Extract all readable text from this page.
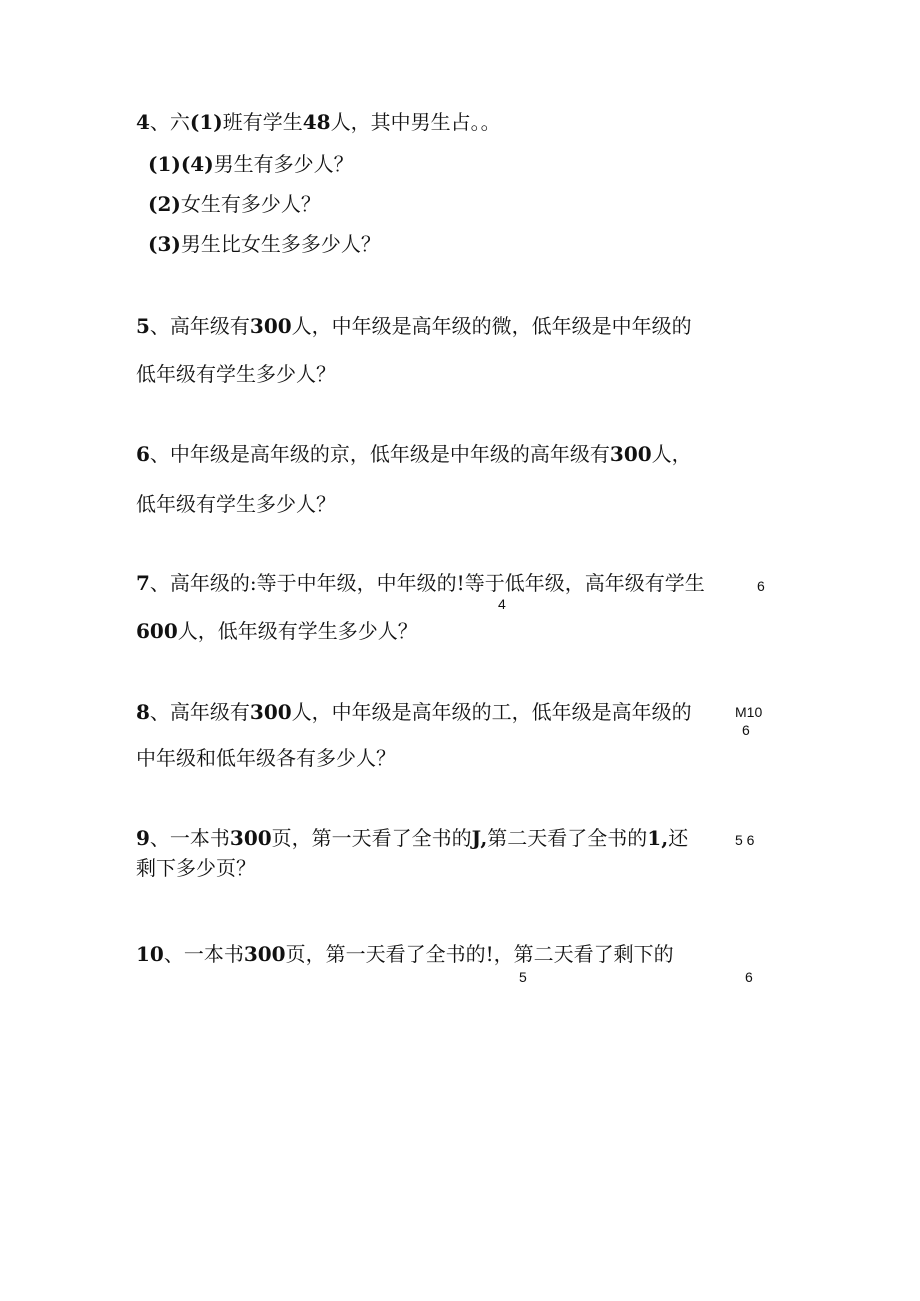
4、六(1)班有学生48人，其中男生占。。
(1)(4)男生有多少人？
(2)女生有多少人？
(3)男生比女生多多少人？
5、高年级有300人，中年级是高年级的微，低年级是中年级的
低年级有学生多少人？
6、中年级是高年级的京，低年级是中年级的高年级有300人，
低年级有学生多少人？
7、高年级的:等于中年级，中年级的!等于低年级，高年级有学生	6
4
600人，低年级有学生多少人？
8、高年级有300人，中年级是高年级的工，低年级是高年级的	M10
6
中年级和低年级各有多少人？
9、一本书300页，第一天看了全书的J,第二天看了全书的1,还	5 6
剩下多少页？
10、一本书300页，第一天看了全书的!，第二天看了剩下的
5	6
